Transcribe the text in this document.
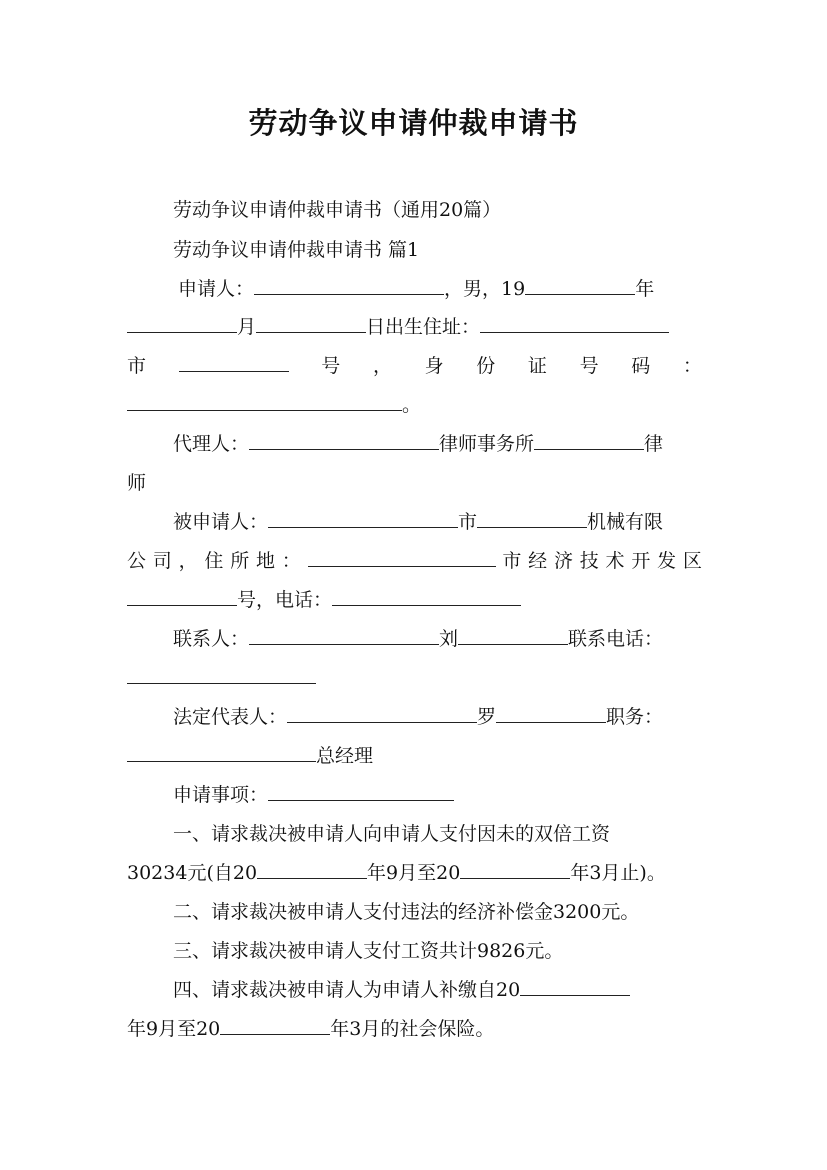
劳动争议申请仲裁申请书
劳动争议申请仲裁申请书（通用20篇）
劳动争议申请仲裁申请书 篇1
申请人：	，男，19	年
月	日出生住址：
市	号 ， 身 份 证 号 码 ：
。
代理人：	律师事务所	律
师
被申请人：	市	机械有限
公 司 ， 住 所 地 ：	市 经 济 技 术 开 发 区
号，电话：
联系人：	刘	联系电话：
法定代表人：	罗	职务：
总经理
申请事项：
一、请求裁决被申请人向申请人支付因未的双倍工资
30234元(自20	年9月至20	年3月止)。
二、请求裁决被申请人支付违法的经济补偿金3200元。
三、请求裁决被申请人支付工资共计9826元。
四、请求裁决被申请人为申请人补缴自20
年9月至20	年3月的社会保险。
